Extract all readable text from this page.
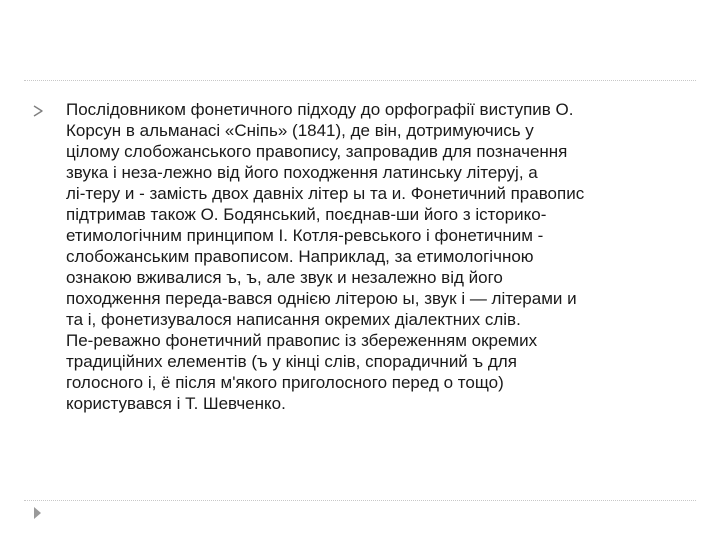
Послідовником фонетичного підходу до орфографії виступив О.
Корсун в альманасі «Сніпь» (1841), де він, дотримуючись у
цілому слобожанського правопису, запровадив для позначення
звука і неза-лежно від його походження латинську літеруј, а
лі-теру и - замість двох давніх літер ы та и. Фонетичний правопис
підтримав також О. Бодянський, поєднав-ши його з історико-
етимологічним принципом І. Котля-ревського і фонетичним -
слобожанським правописом. Наприклад, за етимологічною
ознакою вживалися ъ, ъ, але звук и незалежно від його
походження переда-вався однією літерою ы, звук і — літерами и
та і, фонетизувалося написання окремих діалектних слів.
Пе-реважно фонетичний правопис із збереженням окремих
традиційних елементів (ъ у кінці слів, спорадичний ъ для
голосного і, ё після м'якого приголосного перед о тощо)
користувався і Т. Шевченко.
